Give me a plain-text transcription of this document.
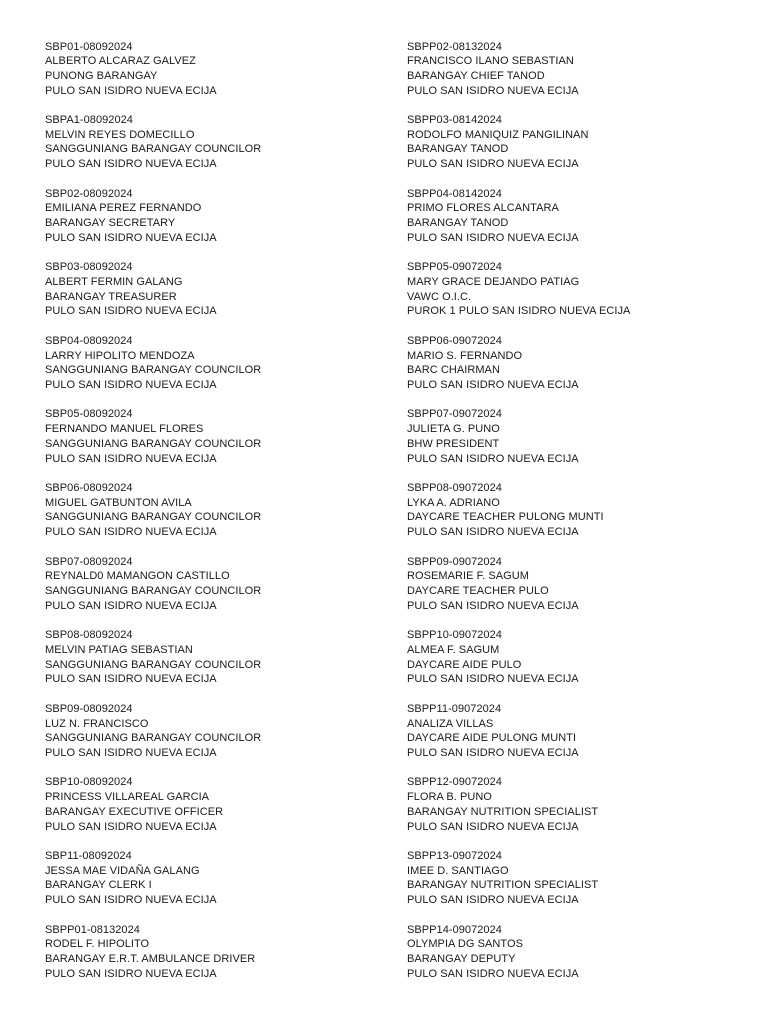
SBP01-08092024
ALBERTO ALCARAZ GALVEZ
PUNONG BARANGAY
PULO SAN ISIDRO NUEVA ECIJA
SBPA1-08092024
MELVIN REYES DOMECILLO
SANGGUNIANG BARANGAY COUNCILOR
PULO SAN ISIDRO NUEVA ECIJA
SBP02-08092024
EMILIANA PEREZ FERNANDO
BARANGAY SECRETARY
PULO SAN ISIDRO NUEVA ECIJA
SBP03-08092024
ALBERT FERMIN GALANG
BARANGAY TREASURER
PULO SAN ISIDRO NUEVA ECIJA
SBP04-08092024
LARRY HIPOLITO MENDOZA
SANGGUNIANG BARANGAY COUNCILOR
PULO SAN ISIDRO NUEVA ECIJA
SBP05-08092024
FERNANDO MANUEL FLORES
SANGGUNIANG BARANGAY COUNCILOR
PULO SAN ISIDRO NUEVA ECIJA
SBP06-08092024
MIGUEL GATBUNTON AVILA
SANGGUNIANG BARANGAY COUNCILOR
PULO SAN ISIDRO NUEVA ECIJA
SBP07-08092024
REYNALD0 MAMANGON CASTILLO
SANGGUNIANG BARANGAY COUNCILOR
PULO SAN ISIDRO NUEVA ECIJA
SBP08-08092024
MELVIN PATIAG SEBASTIAN
SANGGUNIANG BARANGAY COUNCILOR
PULO SAN ISIDRO NUEVA ECIJA
SBP09-08092024
LUZ N. FRANCISCO
SANGGUNIANG BARANGAY COUNCILOR
PULO SAN ISIDRO NUEVA ECIJA
SBP10-08092024
PRINCESS VILLAREAL GARCIA
BARANGAY EXECUTIVE OFFICER
PULO SAN ISIDRO NUEVA ECIJA
SBP11-08092024
JESSA MAE VIDAÑA GALANG
BARANGAY CLERK I
PULO SAN ISIDRO NUEVA ECIJA
SBPP01-08132024
RODEL F. HIPOLITO
BARANGAY E.R.T. AMBULANCE DRIVER
PULO SAN ISIDRO NUEVA ECIJA
SBPP02-08132024
FRANCISCO ILANO SEBASTIAN
BARANGAY CHIEF TANOD
PULO SAN ISIDRO NUEVA ECIJA
SBPP03-08142024
RODOLFO MANIQUIZ PANGILINAN
BARANGAY TANOD
PULO SAN ISIDRO NUEVA ECIJA
SBPP04-08142024
PRIMO FLORES ALCANTARA
BARANGAY TANOD
PULO SAN ISIDRO NUEVA ECIJA
SBPP05-09072024
MARY GRACE DEJANDO PATIAG
VAWC O.I.C.
PUROK 1 PULO SAN ISIDRO NUEVA ECIJA
SBPP06-09072024
MARIO S. FERNANDO
BARC CHAIRMAN
PULO SAN ISIDRO NUEVA ECIJA
SBPP07-09072024
JULIETA G. PUNO
BHW PRESIDENT
PULO SAN ISIDRO NUEVA ECIJA
SBPP08-09072024
LYKA A. ADRIANO
DAYCARE TEACHER PULONG MUNTI
PULO SAN ISIDRO NUEVA ECIJA
SBPP09-09072024
ROSEMARIE F. SAGUM
DAYCARE TEACHER PULO
PULO SAN ISIDRO NUEVA ECIJA
SBPP10-09072024
ALMEA F. SAGUM
DAYCARE AIDE PULO
PULO SAN ISIDRO NUEVA ECIJA
SBPP11-09072024
ANALIZA VILLAS
DAYCARE AIDE PULONG MUNTI
PULO SAN ISIDRO NUEVA ECIJA
SBPP12-09072024
FLORA B. PUNO
BARANGAY NUTRITION SPECIALIST
PULO SAN ISIDRO NUEVA ECIJA
SBPP13-09072024
IMEE D. SANTIAGO
BARANGAY NUTRITION SPECIALIST
PULO SAN ISIDRO NUEVA ECIJA
SBPP14-09072024
OLYMPIA DG SANTOS
BARANGAY DEPUTY
PULO SAN ISIDRO NUEVA ECIJA
